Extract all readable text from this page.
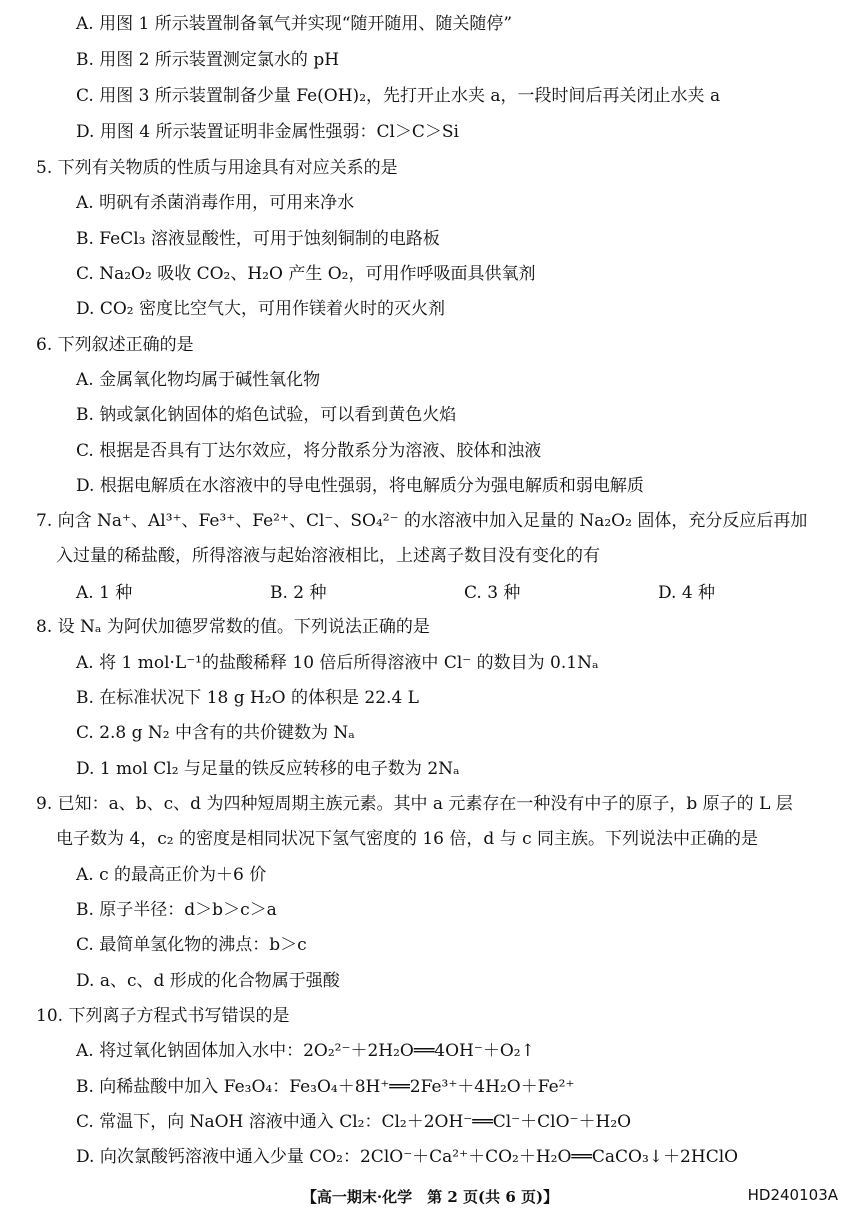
A. 用图 1 所示装置制备氧气并实现“随开随用、随关随停”
B. 用图 2 所示装置测定氯水的 pH
C. 用图 3 所示装置制备少量 Fe(OH)₂，先打开止水夹 a，一段时间后再关闭止水夹 a
D. 用图 4 所示装置证明非金属性强弱：Cl＞C＞Si
5. 下列有关物质的性质与用途具有对应关系的是
A. 明矾有杀菌消毒作用，可用来净水
B. FeCl₃ 溶液显酸性，可用于蚀刻铜制的电路板
C. Na₂O₂ 吸收 CO₂、H₂O 产生 O₂，可用作呼吸面具供氧剂
D. CO₂ 密度比空气大，可用作镁着火时的灭火剂
6. 下列叙述正确的是
A. 金属氧化物均属于碱性氧化物
B. 钠或氯化钠固体的焰色试验，可以看到黄色火焰
C. 根据是否具有丁达尔效应，将分散系分为溶液、胶体和浊液
D. 根据电解质在水溶液中的导电性强弱，将电解质分为强电解质和弱电解质
7. 向含 Na⁺、Al³⁺、Fe³⁺、Fe²⁺、Cl⁻、SO₄²⁻ 的水溶液中加入足量的 Na₂O₂ 固体，充分反应后再加
入过量的稀盐酸，所得溶液与起始溶液相比，上述离子数目没有变化的有
A. 1 种	B. 2 种	C. 3 种	D. 4 种
8. 设 Nₐ 为阿伏加德罗常数的值。下列说法正确的是
A. 将 1 mol·L⁻¹的盐酸稀释 10 倍后所得溶液中 Cl⁻ 的数目为 0.1Nₐ
B. 在标准状况下 18 g H₂O 的体积是 22.4 L
C. 2.8 g N₂ 中含有的共价键数为 Nₐ
D. 1 mol Cl₂ 与足量的铁反应转移的电子数为 2Nₐ
9. 已知：a、b、c、d 为四种短周期主族元素。其中 a 元素存在一种没有中子的原子，b 原子的 L 层
电子数为 4，c₂ 的密度是相同状况下氢气密度的 16 倍，d 与 c 同主族。下列说法中正确的是
A. c 的最高正价为＋6 价
B. 原子半径：d＞b＞c＞a
C. 最简单氢化物的沸点：b＞c
D. a、c、d 形成的化合物属于强酸
10. 下列离子方程式书写错误的是
A. 将过氧化钠固体加入水中：2O₂²⁻＋2H₂O══4OH⁻＋O₂↑
B. 向稀盐酸中加入 Fe₃O₄：Fe₃O₄＋8H⁺══2Fe³⁺＋4H₂O＋Fe²⁺
C. 常温下，向 NaOH 溶液中通入 Cl₂：Cl₂＋2OH⁻══Cl⁻＋ClO⁻＋H₂O
D. 向次氯酸钙溶液中通入少量 CO₂：2ClO⁻＋Ca²⁺＋CO₂＋H₂O══CaCO₃↓＋2HClO
【高一期末·化学　第 2 页(共 6 页)】	HD240103A
